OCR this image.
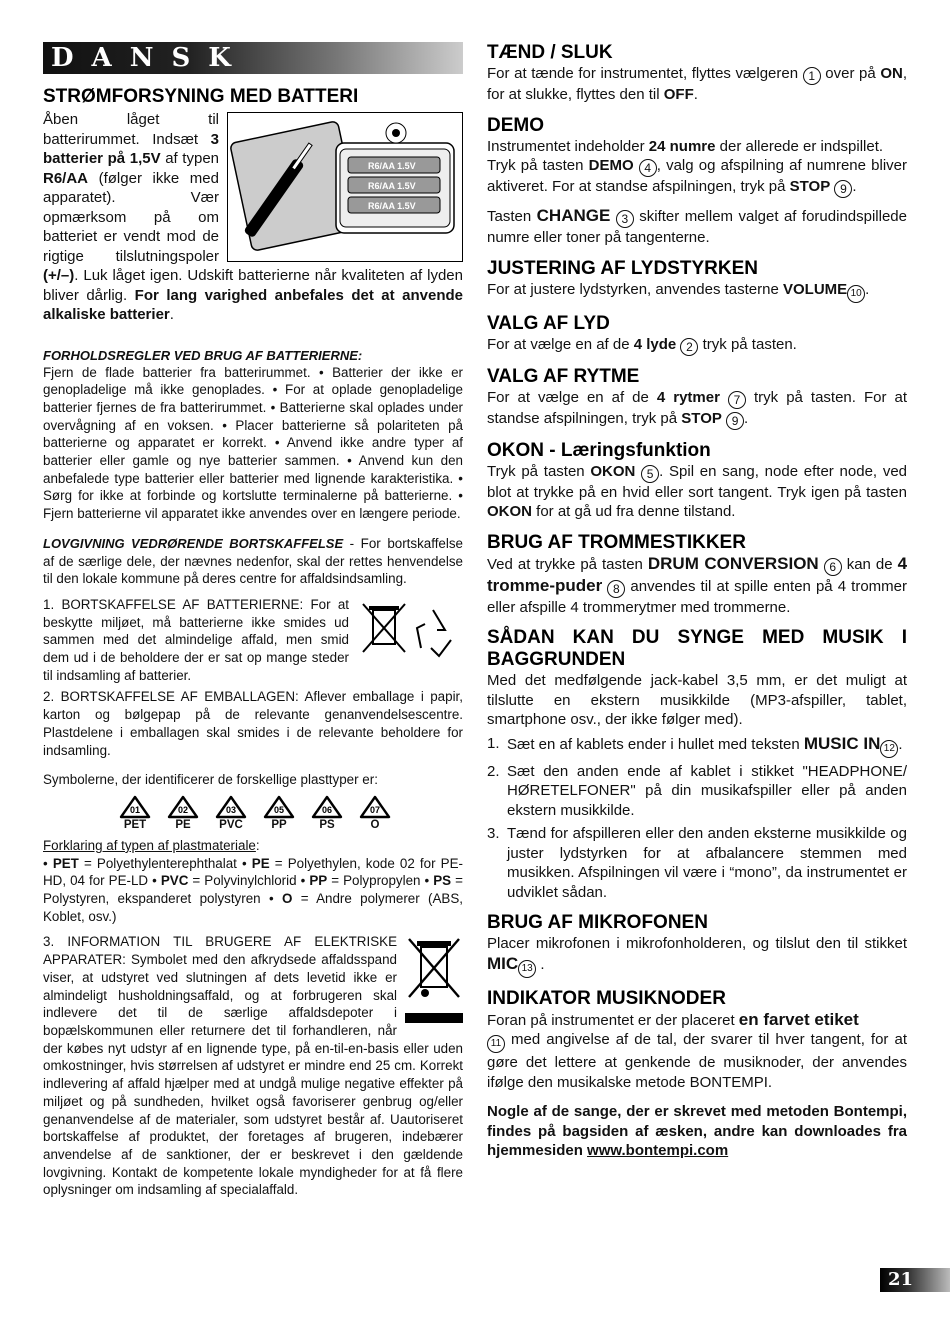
DANSK
STRØMFORSYNING MED BATTERI
R6/AA 1.5V
R6/AA 1.5V
R6/AA 1.5V

Åben låget til batterirummet. Indsæt 3 batterier på 1,5V af typen R6/AA (følger ikke med apparatet). Vær opmærksom på om batteriet er vendt mod de rigtige tilslutningspoler (+/–). Luk låget igen. Udskift batterierne når kvaliteten af lyden bliver dårlig. For lang varighed anbefales det at anvende alkaliske batterier.

FORHOLDSREGLER VED BRUG AF BATTERIERNE:

Fjern de flade batterier fra batterirummet. • Batterier der ikke er genopladelige må ikke genoplades. • For at oplade genopladelige batterier fjernes de fra batterirummet. • Batterierne skal oplades under overvågning af en voksen. • Placer batterierne så polariteten på batterierne og apparatet er korrekt. • Anvend ikke andre typer af batterier eller gamle og nye batterier sammen. • Anvend kun den anbefalede type batterier eller batterier med lignende karakteristika. • Sørg for ikke at forbinde og kortslutte terminalerne på batterierne. • Fjern batterierne vil apparatet ikke anvendes over en længere periode.

LOVGIVNING VEDRØRENDE BORTSKAFFELSE - For bortskaffelse af de særlige dele, der nævnes nedenfor, skal der rettes henvendelse til den lokale kommune på deres centre for affaldsindsamling.

1. BORTSKAFFELSE AF BATTERIERNE: For at beskytte miljøet, må batterierne ikke smides ud sammen med det almindelige affald, men smid dem ud i de beholdere der er sat op mange steder til indsamling af batterier.

2. BORTSKAFFELSE AF EMBALLAGEN: Aflever emballage i papir, karton og bølgepap på de relevante genanvendelsescentre. Plastdelene i emballagen skal smides i de relevante beholdere for indsamling.

Symbolerne, der identificerer de forskellige plasttyper er:

01
PET
02
PE
03
PVC
05
PP
06
PS
07
O

Forklaring af typen af plastmateriale:

• PET = Polyethylenterephthalat • PE = Polyethylen, kode 02 for PE-HD, 04 for PE-LD • PVC = Polyvinylchlorid • PP = Polypropylen • PS = Polystyren, ekspanderet polystyren • O = Andre polymerer (ABS, Koblet, osv.)

3. INFORMATION TIL BRUGERE AF ELEKTRISKE APPARATER: Symbolet med den afkrydsede affaldsspand viser, at udstyret ved slutningen af dets levetid ikke er almindeligt husholdningsaffald, og at forbrugeren skal indlevere det til de særlige affaldsdepoter i bopælskommunen eller returnere det til forhandleren, når der købes nyt udstyr af en lignende type, på en-til-en-basis eller uden omkostninger, hvis størrelsen af udstyret er mindre end 25 cm. Korrekt indlevering af affald hjælper med at undgå mulige negative effekter på miljøet og på sundheden, hvilket også favoriserer genbrug og/eller genanvendelse af de materialer, som udstyret består af. Uautoriseret bortskaffelse af produktet, der foretages af brugeren, indebærer anvendelse af de sanktioner, der er beskrevet i den gældende lovgivning. Kontakt de kompetente lokale myndigheder for at få flere oplysninger om indsamling af specialaffald.

TÆND / SLUK

For at tænde for instrumentet, flyttes vælgeren 1 over på ON, for at slukke, flyttes den til OFF.

DEMO

Instrumentet indeholder 24 numre der allerede er indspillet.
Tryk på tasten DEMO 4 , valg og afspilning af numrene bliver aktiveret. For at standse afspilningen, tryk på STOP 9 .

Tasten CHANGE 3 skifter mellem valget af forudindspillede numre eller toner på tangenterne.

JUSTERING AF LYDSTYRKEN

For at justere lydstyrken, anvendes tasterne VOLUME 10 .

VALG AF LYD

For at vælge en af de 4 lyde 2 tryk på tasten.

VALG AF RYTME

For at vælge en af de 4 rytmer 7 tryk på tasten. For at standse afspilningen, tryk på STOP 9 .

OKON - Læringsfunktion

Tryk på tasten OKON 5 . Spil en sang, node efter node, ved blot at trykke på en hvid eller sort tangent. Tryk igen på tasten OKON for at gå ud fra denne tilstand.

BRUG AF TROMMESTIKKER

Ved at trykke på tasten DRUM CONVERSION 6 kan de 4 tromme-puder 8 anvendes til at spille enten på 4 trommer eller afspille 4 trommerytmer med trommerne.

SÅDAN KAN DU SYNGE MED MUSIK I BAGGRUNDEN

Med det medfølgende jack-kabel 3,5 mm, er det muligt at tilslutte en ekstern musikkilde (MP3-afspiller, tablet, smartphone osv., der ikke følger med).

1. Sæt en af kablets ender i hullet med teksten MUSIC IN 12 .
2. Sæt den anden ende af kablet i stikket "HEADPHONE/ HØRETELFONER" på din musikafspiller eller på anden ekstern musikkilde.
3. Tænd for afspilleren eller den anden eksterne musikkilde og juster lydstyrken for at afbalancere stemmen med musikken. Afspilningen vil være i “mono”, da instrumentet er udviklet sådan.
BRUG AF MIKROFONEN

Placer mikrofonen i mikrofonholderen, og tilslut den til stikket MIC 13 .

INDIKATOR MUSIKNODER

Foran på instrumentet er der placeret en farvet etiket
11 med angivelse af de tal, der svarer til hver tangent, for at gøre det lettere at genkende de musiknoder, der anvendes ifølge den musikalske metode BONTEMPI.

Nogle af de sange, der er skrevet med metoden Bontempi, findes på bagsiden af æsken, andre kan downloades fra hjemmesiden www.bontempi.com

21
